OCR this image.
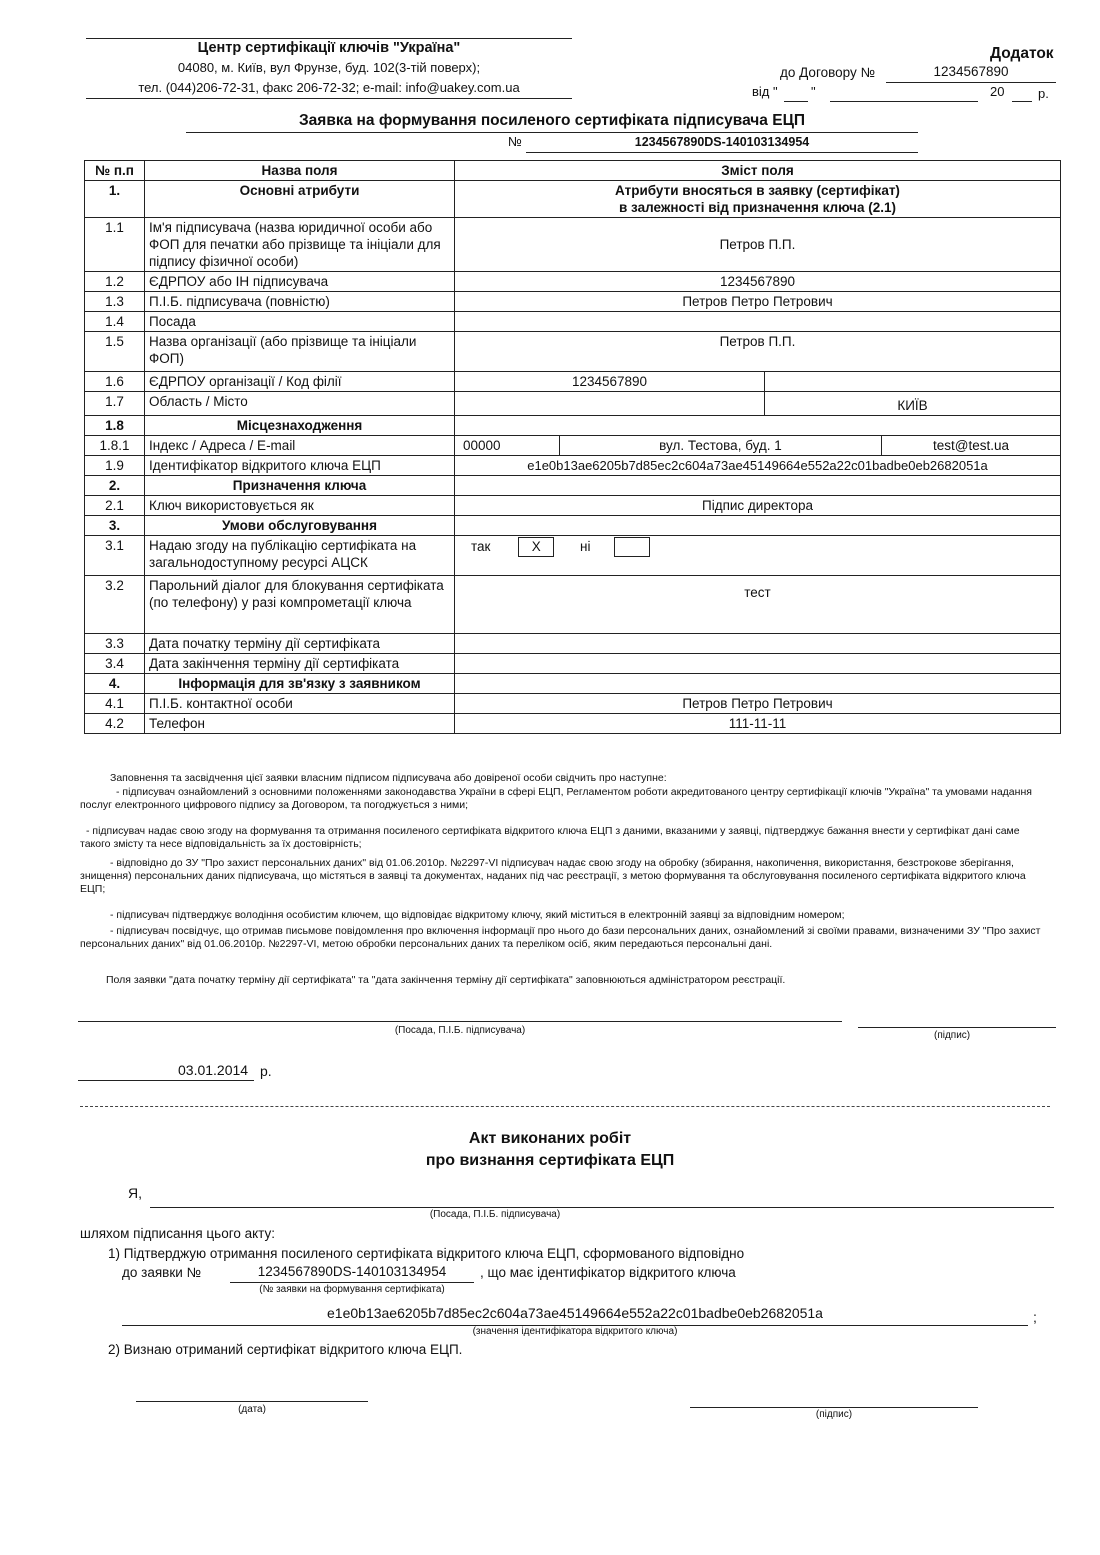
Центр сертифікації ключів "Україна"
04080, м. Київ, вул Фрунзе, буд. 102(3-тій поверх);
тел. (044)206-72-31, факс 206-72-32; e-mail: info@uakey.com.ua
Додаток
до Договору №	1234567890
від "	"	20	р.
Заявка на формування посиленого сертифіката підписувача ЕЦП
№	1234567890DS-140103134954
№ п.п	Назва поля	Зміст поля	
1.	Основні атрибути	Атрибути вносяться в заявку (сертифікат)
в залежності від призначення ключа (2.1)	
1.1	Ім'я підписувача (назва юридичної особи або ФОП для печатки або прізвище та ініціали для підпису фізичної особи)	Петров П.П.	
1.2	ЄДРПОУ або ІН підписувача	1234567890	
1.3	П.І.Б. підписувача (повністю)	Петров Петро Петрович	
1.4	Посада		
1.5	Назва організації (або прізвище та ініціали ФОП)	Петров П.П.	
1.6	ЄДРПОУ організації / Код філії	1234567890	
1.7	Область / Місто		КИЇВ
1.8	Місцезнаходження		
1.8.1	Індекс / Адреса / E-mail	00000 вул. Тестова, буд. 1 test@test.ua	

1.9	Ідентифікатор відкритого ключа ЕЦП	e1e0b13ae6205b7d85ec2c604a73ae45149664e552a22c01badbe0eb2682051a	
2.	Призначення ключа		
2.1	Ключ використовується як	Підпис директора	
3.	Умови обслуговування		
3.1	Надаю згоду на публікацію сертифіката на загальнодоступному ресурсі АЦСК	так X ні	
3.2	Парольний діалог для блокування сертифіката (по телефону) у разі компрометації ключа	тест	
3.3	Дата початку терміну дії сертифіката		
3.4	Дата закінчення терміну дії сертифіката		
4.	Інформація для зв'язку з заявником		
4.1	П.І.Б. контактної особи	Петров Петро Петрович	
4.2	Телефон	111-11-11	
Заповнення та засвідчення цієї заявки власним підписом підписувача або довіреної особи свідчить про наступне:
- підписувач ознайомлений з основними положеннями законодавства України в сфері ЕЦП, Регламентом роботи акредитованого центру сертифікації ключів "Україна" та умовами надання послуг електронного цифрового підпису за Договором, та погоджується з ними;
- підписувач надає свою згоду на формування та отримання посиленого сертифіката відкритого ключа ЕЦП з даними, вказаними у заявці, підтверджує бажання внести у сертифікат дані саме такого змісту та несе відповідальність за їх достовірність;
- відповідно до ЗУ "Про захист персональних даних" від 01.06.2010р. №2297-VI підписувач надає свою згоду на обробку (збирання, накопичення, використання, безстрокове зберігання, знищення) персональних даних підписувача, що містяться в заявці та документах, наданих під час реєстрації, з метою формування та обслуговування посиленого сертифіката відкритого ключа ЕЦП;
- підписувач підтверджує володіння особистим ключем, що відповідає відкритому ключу, який міститься в електронній заявці за відповідним номером;
- підписувач посвідчує, що отримав письмове повідомлення про включення інформації про нього до бази персональних даних, ознайомлений зі своїми правами, визначеними ЗУ "Про захист персональних даних" від 01.06.2010р. №2297-VI, метою обробки персональних даних та переліком осіб, яким передаються персональні дані.
Поля заявки "дата початку терміну дії сертифіката" та "дата закінчення терміну дії сертифіката" заповнюються адміністратором реєстрації.
(Посада, П.І.Б. підписувача)	(підпис)
03.01.2014 р.
Акт виконаних робіт
про визнання сертифіката ЕЦП
Я,
(Посада, П.І.Б. підписувача)
шляхом підписання цього акту:
1) Підтверджую отримання посиленого сертифіката відкритого ключа ЕЦП, сформованого відповідно
до заявки №	1234567890DS-140103134954	, що має ідентифікатор відкритого ключа
(№ заявки на формування сертифіката)
e1e0b13ae6205b7d85ec2c604a73ae45149664e552a22c01badbe0eb2682051a	;
(значення ідентифікатора відкритого ключа)
2) Визнаю отриманий сертифікат відкритого ключа ЕЦП.
(дата)	(підпис)
